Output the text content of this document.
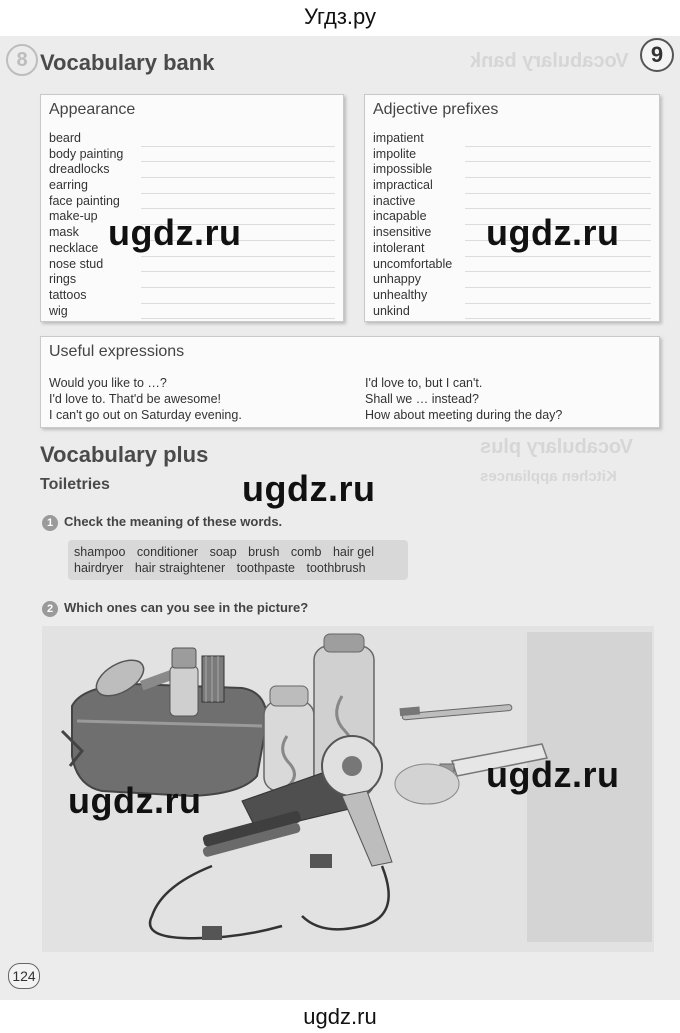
Угдз.ру
Vocabulary bank
Vocabulary plus
Kitchen appliances
8	9
Vocabulary bank
Appearance
beard
body painting
dreadlocks
earring
face painting
make-up
mask
necklace
nose stud
rings
tattoos
wig
Adjective prefixes
impatient
impolite
impossible
impractical
inactive
incapable
insensitive
intolerant
uncomfortable
unhappy
unhealthy
unkind
Useful expressions
Would you like to …?
I'd love to. That'd be awesome!
I can't go out on Saturday evening.
I'd love to, but I can't.
Shall we … instead?
How about meeting during the day?
Vocabulary plus
Toiletries
1 Check the meaning of these words.
shampoo conditioner soap brush comb hair gel
hairdryer hair straightener toothpaste toothbrush
2 Which ones can you see in the picture?
124
ugdz.ru	ugdz.ru
ugdz.ru
ugdz.ru
ugdz.ru
ugdz.ru
